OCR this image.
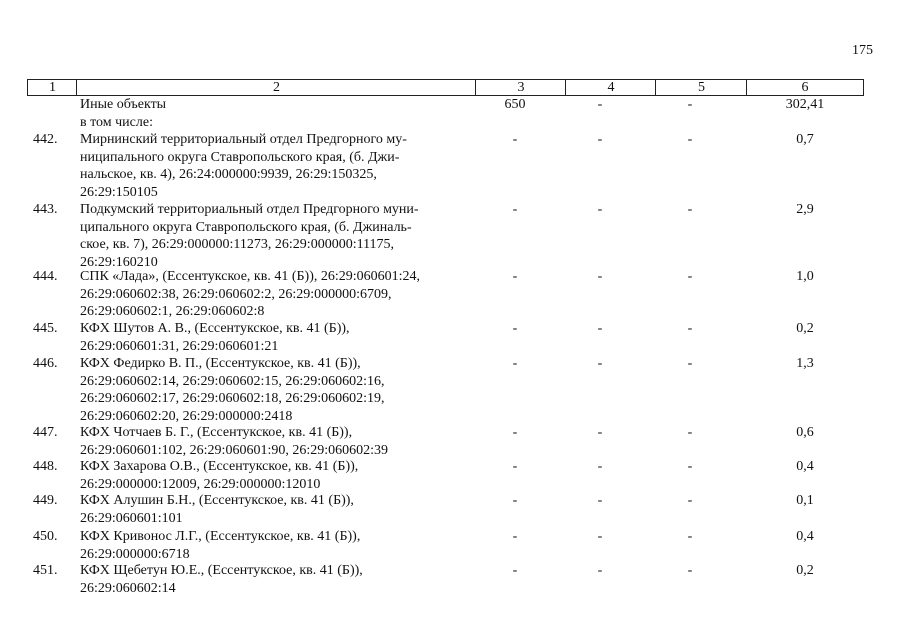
175
1	2	3	4	5	6
Иные объекты
в том числе:
650	-	-	302,41
442.	Мирнинский территориальный отдел Предгорного му-
ниципального округа Ставропольского края, (б. Джи-
нальское, кв. 4), 26:24:000000:9939, 26:29:150325,
26:29:150105
-	-	-	0,7
443.	Подкумский территориальный отдел Предгорного муни-
ципального округа Ставропольского края, (б. Джиналь-
ское, кв. 7), 26:29:000000:11273, 26:29:000000:11175,
26:29:160210
-	-	-	2,9
444.	СПК «Лада», (Ессентукское, кв. 41 (Б)), 26:29:060601:24,
26:29:060602:38, 26:29:060602:2, 26:29:000000:6709,
26:29:060602:1, 26:29:060602:8
-	-	-	1,0
445.	КФХ Шутов А. В., (Ессентукское, кв. 41 (Б)),
26:29:060601:31, 26:29:060601:21
-	-	-	0,2
446.	КФХ Федирко В. П., (Ессентукское, кв. 41 (Б)),
26:29:060602:14, 26:29:060602:15, 26:29:060602:16,
26:29:060602:17, 26:29:060602:18, 26:29:060602:19,
26:29:060602:20, 26:29:000000:2418
-	-	-	1,3
447.	КФХ Чотчаев Б. Г., (Ессентукское, кв. 41 (Б)),
26:29:060601:102, 26:29:060601:90, 26:29:060602:39
-	-	-	0,6
448.	КФХ Захарова О.В., (Ессентукское, кв. 41 (Б)),
26:29:000000:12009, 26:29:000000:12010
-	-	-	0,4
449.	КФХ Алушин Б.Н., (Ессентукское, кв. 41 (Б)),
26:29:060601:101
-	-	-	0,1
450.	КФХ Кривонос Л.Г., (Ессентукское, кв. 41 (Б)),
26:29:000000:6718
-	-	-	0,4
451.	КФХ Щебетун Ю.Е., (Ессентукское, кв. 41 (Б)),
26:29:060602:14
-	-	-	0,2
